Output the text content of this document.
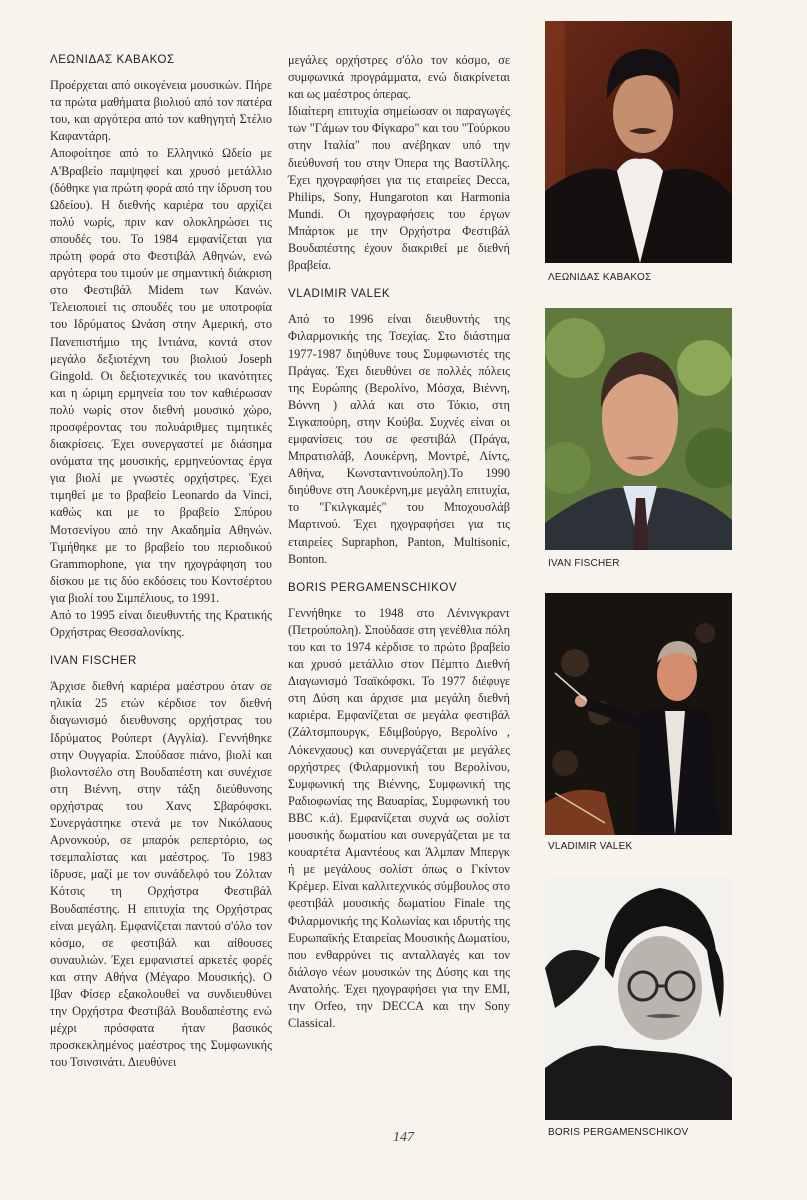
ΛΕΩΝΙΔΑΣ ΚΑΒΑΚΟΣ

Προέρχεται από οικογένεια μουσικών. Πήρε τα πρώτα μαθήματα βιολιού από τον πατέρα του, και αργότερα από τον καθηγητή Στέλιο Καφαντάρη.

Αποφοίτησε από το Ελληνικό Ωδείο με Α'Βραβείο παμψηφεί και χρυσό μετάλλιο (δόθηκε για πρώτη φορά από την ίδρυση του Ωδείου). Η διεθνής καριέρα του αρχίζει πολύ νωρίς, πριν καν ολοκληρώσει τις σπουδές του. Το 1984 εμφανίζεται για πρώτη φορά στο Φεστιβάλ Αθηνών, ενώ αργότερα του τιμούν με σημαντική διάκριση στο Φεστιβάλ Midem των Κανών. Τελειοποιεί τις σπουδές του με υποτροφία του Ιδρύματος Ωνάση στην Αμερική, στο Πανεπιστήμιο της Ιντιάνα, κοντά στον μεγάλο δεξιοτέχνη του βιολιού Joseph Gingold. Οι δεξιοτεχνικές του ικανότητες και η ώριμη ερμηνεία του τον καθιέρωσαν πολύ νωρίς στον διεθνή μουσικό χώρο, προσφέροντας του πολυάριθμες τιμητικές διακρίσεις. Έχει συνεργαστεί με διάσημα ονόματα της μουσικής, ερμηνεύοντας έργα για βιολί με γνωστές ορχήστρες. Έχει τιμηθεί με το βραβείο Leonardo da Vinci, καθώς και με το βραβείο Σπύρου Μοτσενίγου από την Ακαδημία Αθηνών. Τιμήθηκε με το βραβείο του περιοδικού Grammophone, για την ηχογράφηση του δίσκου με τις δύο εκδόσεις του Κοντσέρτου για βιολί του Σιμπέλιους, το 1991.

Από το 1995 είναι διευθυντής της Κρατικής Ορχήστρας Θεσσαλονίκης.

IVAN FISCHER

Άρχισε διεθνή καριέρα μαέστρου όταν σε ηλικία 25 ετών κέρδισε τον διεθνή διαγωνισμό διευθυνσης ορχήστρας του Ιδρύματος Ρούπερτ (Αγγλία). Γεννήθηκε στην Ουγγαρία. Σπούδασε πιάνο, βιολί και βιολοντσέλο στη Βουδαπέστη και συνέχισε στη Βιέννη, στην τάξη διεύθυνσης ορχήστρας του Χανς Σβαρόφσκι. Συνεργάστηκε στενά με τον Νικόλαους Αρνονκούρ, σε μπαρόκ ρεπερτόριο, ως τσεμπαλίστας και μαέστρος. Το 1983 ίδρυσε, μαζί με τον συνάδελφό του Ζόλταν Κότσις τη Ορχήστρα Φεστιβάλ Βουδαπέστης. Η επιτυχία της Ορχήστρας είναι μεγάλη. Εμφανίζεται παντού σ'όλο τον κόσμο, σε φεστιβάλ και αίθουσες συναυλιών. Έχει εμφανιστεί αρκετές φορές και στην Αθήνα (Μέγαρο Μουσικής). Ο Ιβαν Φίσερ εξακολουθεί να συνδιευθύνει την Ορχήστρα Φεστιβάλ Βουδαπέστης ενώ μέχρι πρόσφατα ήταν βασικός προσκεκλημένος μαέστρος της Συμφωνικής του Τσινσινάτι. Διευθύνει

μεγάλες ορχήστρες σ'όλο τον κόσμο, σε συμφωνικά προγράμματα, ενώ διακρίνεται και ως μαέστρος όπερας.

Ιδιαίτερη επιτυχία σημείωσαν οι παραγωγές των "Γάμων του Φίγκαρο" και του "Τούρκου στην Ιταλία" που ανέβηκαν υπό την διεύθυνσή του στην Όπερα της Βαστίλλης. Έχει ηχογραφήσει για τις εταιρείες Decca, Philips, Sony, Hungaroton και Harmonia Mundi. Οι ηχογραφήσεις του έργων Μπάρτοκ με την Ορχήστρα Φεστιβάλ Βουδαπέστης έχουν διακριθεί με διεθνή βραβεία.

VLADIMIR VALEK

Από το 1996 είναι διευθυντής της Φιλαρμονικής της Τσεχίας. Στο διάστημα 1977-1987 διηύθυνε τους Συμφωνιστές της Πράγας. Έχει διευθύνει σε πολλές πόλεις της Ευρώπης (Βερολίνο, Μόσχα, Βιέννη, Βόννη ) αλλά και στο Τόκιο, στη Σιγκαπούρη, στην Κούβα. Συχνές είναι οι εμφανίσεις του σε φεστιβάλ (Πράγα, Μπρατισλάβ, Λουκέρνη, Μοντρέ, Λίντς, Αθήνα, Κωνσταντινούπολη).Το 1990 διηύθυνε στη Λουκέρνη,με μεγάλη επιτυχία, το "Γκιλγκαμές" του Μποχουσλάβ Μαρτινού. Έχει ηχογραφήσει για τις εταιρείες Supraphon, Panton, Multisonic, Bonton.

BORIS PERGAMENSCHIKOV

Γεννήθηκε το 1948 στο Λένινγκραντ (Πετρούπολη). Σπούδασε στη γενέθλια πόλη του και το 1974 κέρδισε το πρώτο βραβείο και χρυσό μετάλλιο στον Πέμπτο Διεθνή Διαγωνισμό Τσαϊκόφσκι. Το 1977 διέφυγε στη Δύση και άρχισε μια μεγάλη διεθνή καριέρα. Εμφανίζεται σε μεγάλα φεστιβάλ (Ζάλτσμπουργκ, Εδιμβούργο, Βερολίνο , Λόκενχαους) και συνεργάζεται με μεγάλες ορχήστρες (Φιλαρμονική του Βερολίνου, Συμφωνική της Βιέννης, Συμφωνική της Ραδιοφωνίας της Βαυαρίας, Συμφωνική του BBC κ.ά). Εμφανίζεται συχνά ως σολίστ μουσικής δωματίου και συνεργάζεται με τα κουαρτέτα Αμαντέους και Άλμπαν Μπεργκ ή με μεγάλους σολίστ όπως ο Γκίντον Κρέμερ. Είναι καλλιτεχνικός σύμβουλος στο φεστιβάλ μουσικής δωματίου Finale της Φιλαρμονικής της Κολωνίας και ιδρυτής της Ευρωπαϊκής Εταιρείας Μουσικής Δωματίου, που ενθαρρύνει τις ανταλλαγές και τον διάλογο νέων μουσικών της Δύσης και της Ανατολής. Έχει ηχογραφήσει για την EMI, την Orfeo, την DECCA και την Sony Classical.

ΛΕΩΝΙΔΑΣ ΚΑΒΑΚΟΣ
IVAN FISCHER
VLADIMIR VALEK
BORIS PERGAMENSCHIKOV
147
